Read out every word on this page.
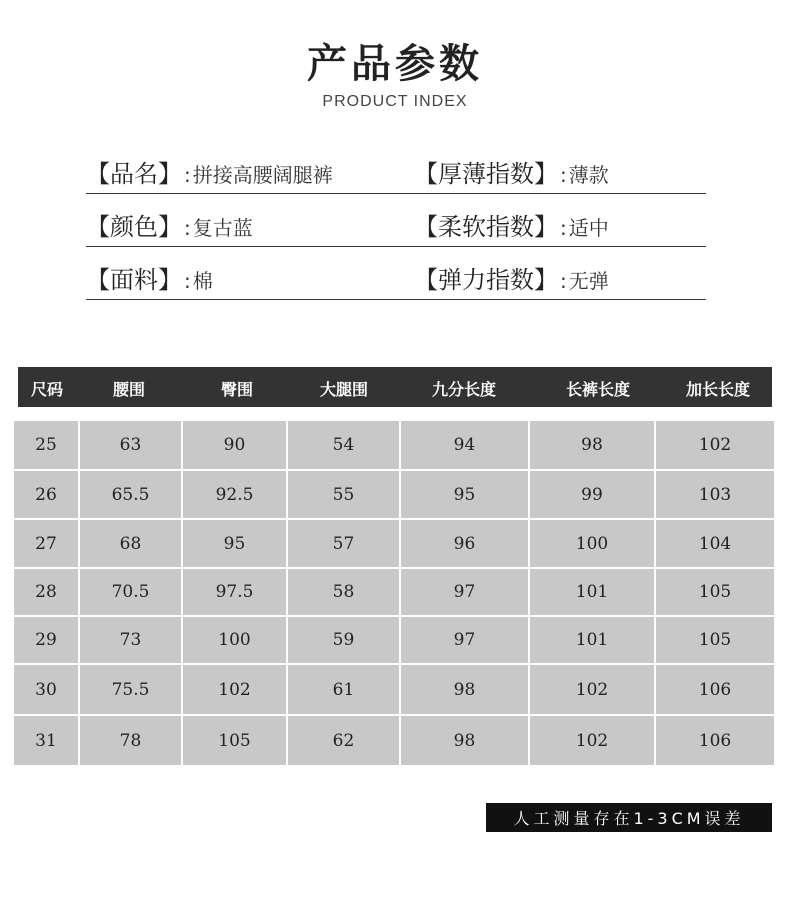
产品参数
PRODUCT INDEX
【品名】 : 拼接高腰阔腿裤	【厚薄指数】 : 薄款
【颜色】 : 复古蓝	【柔软指数】 : 适中
【面料】 : 棉	【弹力指数】 : 无弹
尺码	腰围	臀围	大腿围	九分长度	长裤长度	加长长度
25	63	90	54	94	98	102
26	65.5	92.5	55	95	99	103
27	68	95	57	96	100	104
28	70.5	97.5	58	97	101	105
29	73	100	59	97	101	105
30	75.5	102	61	98	102	106
31	78	105	62	98	102	106
人工测量存在1-3CM误差
